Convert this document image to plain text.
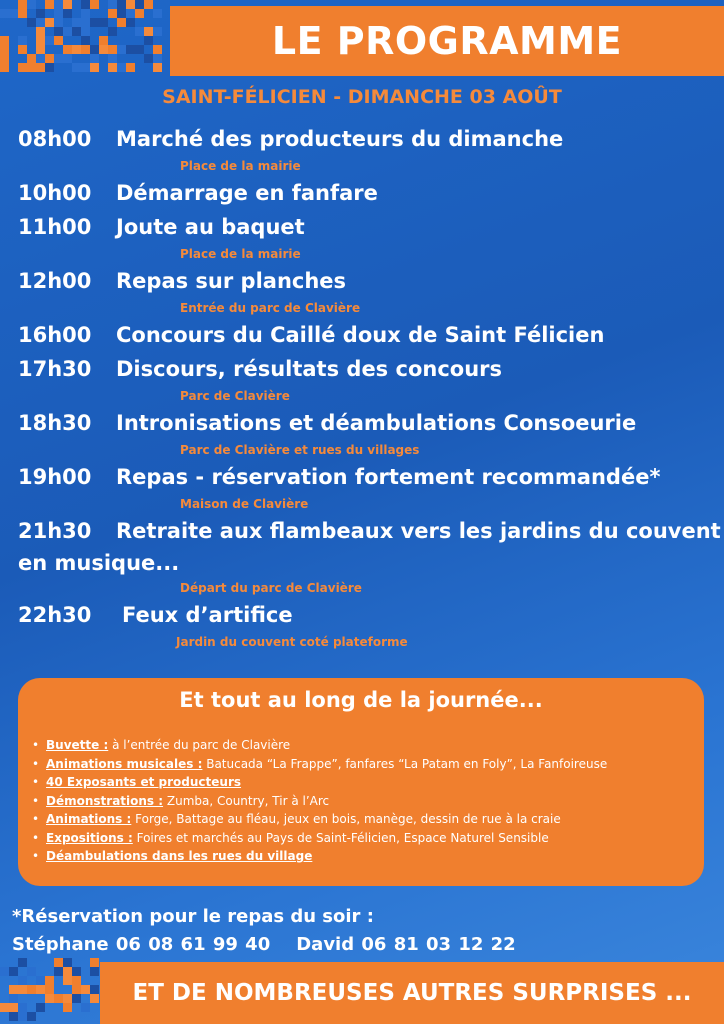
LE PROGRAMME
SAINT-FÉLICIEN - DIMANCHE 03 AOÛT
08h00	Marché des producteurs du dimanche
Place de la mairie
10h00	Démarrage en fanfare
11h00	Joute au baquet
Place de la mairie
12h00	Repas sur planches
Entrée du parc de Clavière
16h00	Concours du Caillé doux de Saint Félicien
17h30	Discours, résultats des concours
Parc de Clavière
18h30	Intronisations et déambulations Consoeurie
Parc de Clavière et rues du villages
19h00	Repas - réservation fortement recommandée*
Maison de Clavière
21h30	Retraite aux flambeaux vers les jardins du couvent
en musique...
Départ du parc de Clavière
22h30	Feux d’artifice
Jardin du couvent coté plateforme
Et tout au long de la journée...
• Buvette : à l’entrée du parc de Clavière
• Animations musicales : Batucada “La Frappe”, fanfares “La Patam en Foly”, La Fanfoireuse
• 40 Exposants et producteurs
• Démonstrations : Zumba, Country, Tir à l’Arc
• Animations : Forge, Battage au fléau, jeux en bois, manège, dessin de rue à la craie
• Expositions : Foires et marchés au Pays de Saint-Félicien, Espace Naturel Sensible
• Déambulations dans les rues du village
*Réservation pour le repas du soir :
Stéphane 06 08 61 99 40 David 06 81 03 12 22
ET DE NOMBREUSES AUTRES SURPRISES ...
